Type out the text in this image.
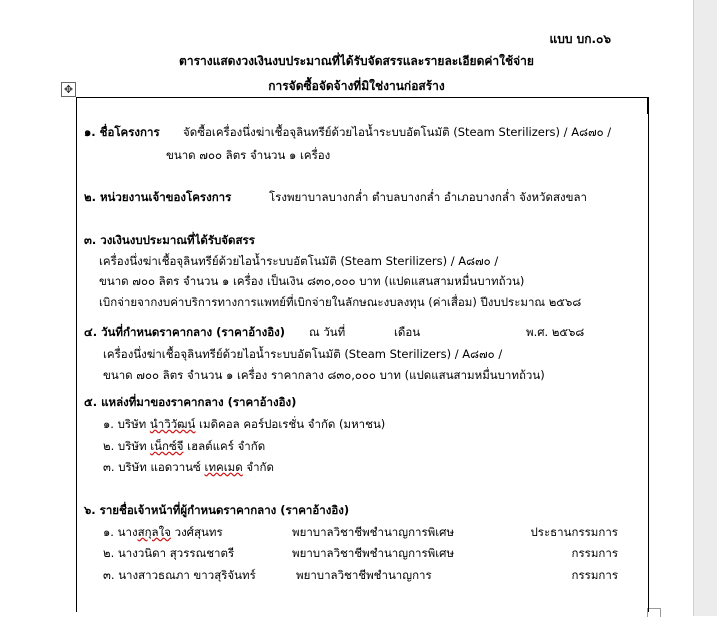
✥
แบบ บก.๐๖
ตารางแสดงวงเงินงบประมาณที่ได้รับจัดสรรและรายละเอียดค่าใช้จ่าย
การจัดซื้อจัดจ้างที่มิใช่งานก่อสร้าง
๑. ชื่อโครงการ จัดซื้อเครื่องนึ่งฆ่าเชื้อจุลินทรีย์ด้วยไอน้ำระบบอัตโนมัติ (Steam Sterilizers) / A๘๗๐ /
ขนาด ๗๐๐ ลิตร จำนวน ๑ เครื่อง
๒. หน่วยงานเจ้าของโครงการ	โรงพยาบาลบางกล่ำ ตำบลบางกล่ำ อำเภอบางกล่ำ จังหวัดสงขลา
๓. วงเงินงบประมาณที่ได้รับจัดสรร
เครื่องนึ่งฆ่าเชื้อจุลินทรีย์ด้วยไอน้ำระบบอัตโนมัติ (Steam Sterilizers) / A๘๗๐ /
ขนาด ๗๐๐ ลิตร จำนวน ๑ เครื่อง เป็นเงิน ๘๓๐,๐๐๐ บาท (แปดแสนสามหมื่นบาทถ้วน)
เบิกจ่ายจากงบค่าบริการทางการแพทย์ที่เบิกจ่ายในลักษณะงบลงทุน (ค่าเสื่อม) ปีงบประมาณ ๒๕๖๘
๔. วันที่กำหนดราคากลาง (ราคาอ้างอิง) ณ วันที่	เดือน	พ.ศ. ๒๕๖๘
เครื่องนึ่งฆ่าเชื้อจุลินทรีย์ด้วยไอน้ำระบบอัตโนมัติ (Steam Sterilizers) / A๘๗๐ /
ขนาด ๗๐๐ ลิตร จำนวน ๑ เครื่อง ราคากลาง ๘๓๐,๐๐๐ บาท (แปดแสนสามหมื่นบาทถ้วน)
๕. แหล่งที่มาของราคากลาง (ราคาอ้างอิง)
๑. บริษัท นำวิวัฒน์ เมดิคอล คอร์ปอเรชั่น จำกัด (มหาชน)
๒. บริษัท เน็กซ์จี เฮลต์แคร์ จำกัด
๓. บริษัท แอดวานซ์ เทคเมด จำกัด
๖. รายชื่อเจ้าหน้าที่ผู้กำหนดราคากลาง (ราคาอ้างอิง)
๑. นางสกุลใจ วงศ์สุนทร	พยาบาลวิชาชีพชำนาญการพิเศษ	ประธานกรรมการ
๒. นางวนิดา สุวรรณชาตรี	พยาบาลวิชาชีพชำนาญการพิเศษ	กรรมการ
๓. นางสาวธณภา ขาวสุริจันทร์	พยาบาลวิชาชีพชำนาญการ	กรรมการ
